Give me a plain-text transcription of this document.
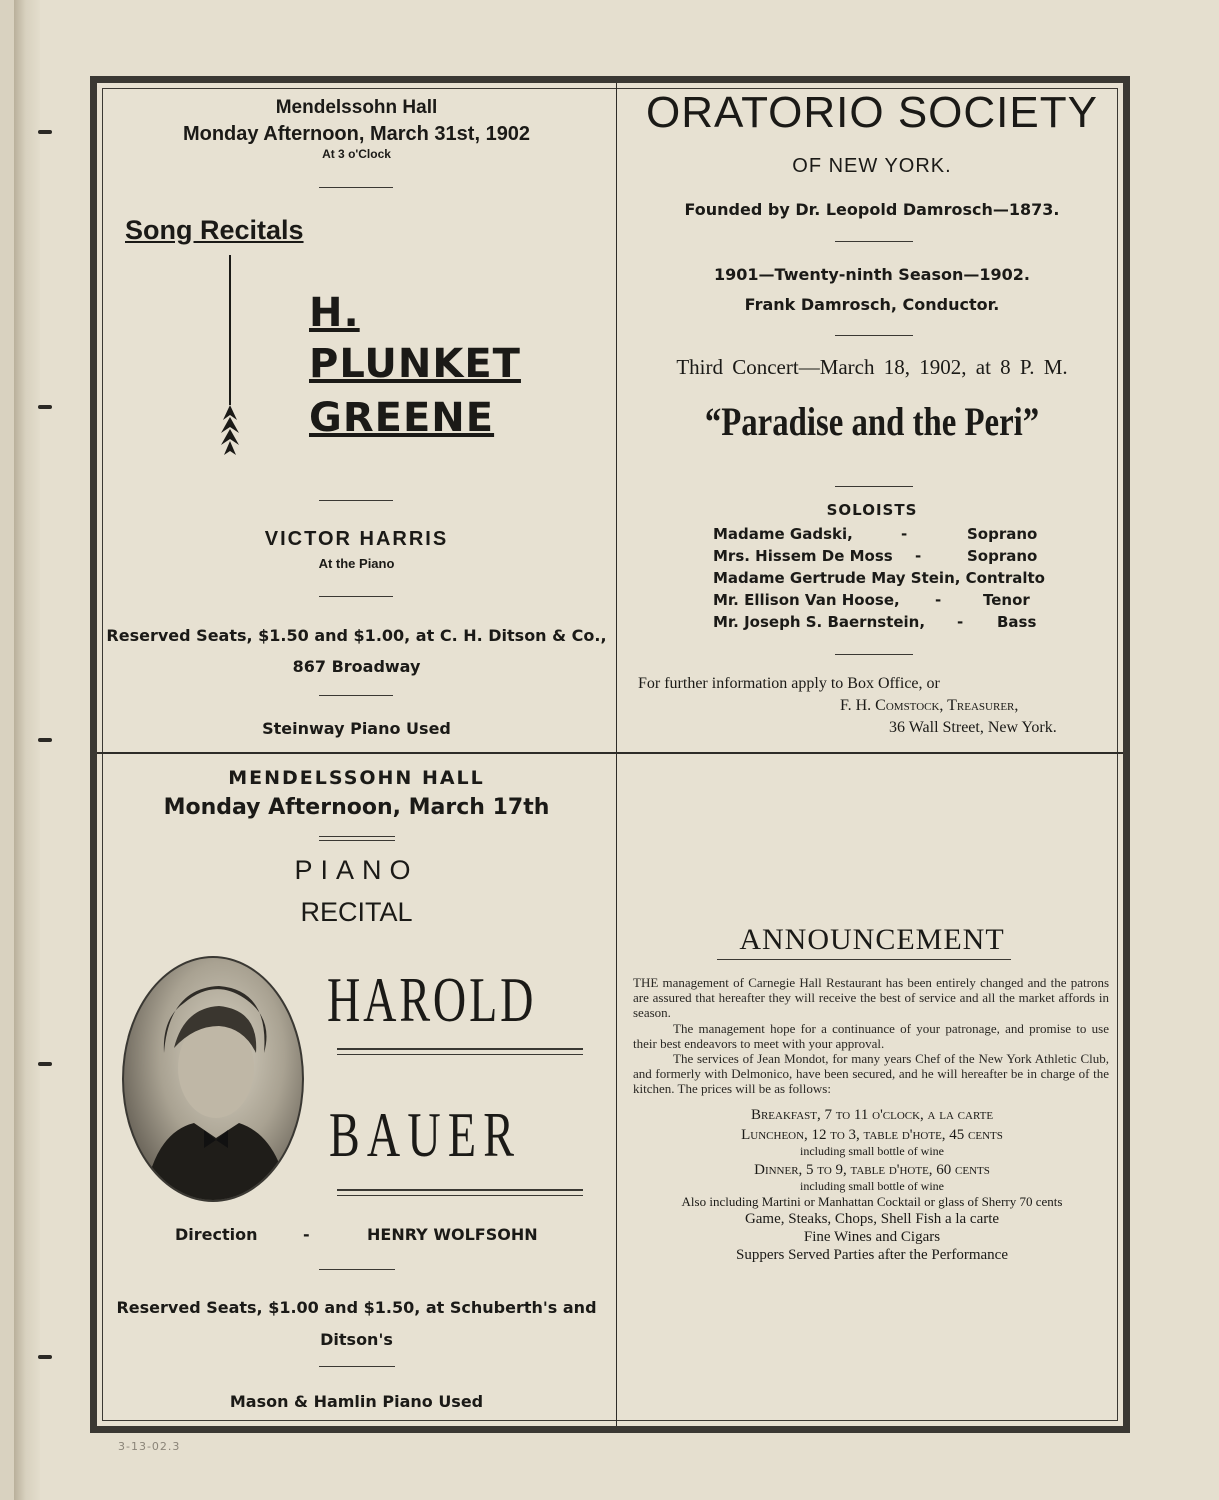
Mendelssohn Hall
Monday Afternoon, March 31st, 1902
At 3 o'Clock
Song Recitals
H.
PLUNKET
GREENE
VICTOR HARRIS
At the Piano
Reserved Seats, $1.50 and $1.00, at C. H. Ditson & Co.,
867 Broadway
Steinway Piano Used
ORATORIO SOCIETY
OF NEW YORK.
Founded by Dr. Leopold Damrosch—1873.
1901—Twenty-ninth Season—1902.
Frank Damrosch, Conductor.
Third Concert—March 18, 1902, at 8 P. M.
“Paradise and the Peri”
SOLOISTS
Madame Gadski,	-	Soprano
Mrs. Hissem De Moss -	Soprano
Madame Gertrude May Stein, Contralto
Mr. Ellison Van Hoose, -	Tenor
Mr. Joseph S. Baernstein, - Bass
For further information apply to Box Office, or
F. H. Comstock, Treasurer,
36 Wall Street, New York.
MENDELSSOHN HALL
Monday Afternoon, March 17th
PIANO
RECITAL
HAROLD
BAUER
Direction	-	HENRY WOLFSOHN
Reserved Seats, $1.00 and $1.50, at Schuberth's and
Ditson's
Mason & Hamlin Piano Used
ANNOUNCEMENT
THE management of Carnegie Hall Restaurant has been entirely changed and the patrons are assured that hereafter they will receive the best of service and all the market affords in season.
The management hope for a continuance of your patronage, and promise to use their best endeavors to meet with your approval.
The services of Jean Mondot, for many years Chef of the New York Athletic Club, and formerly with Delmonico, have been secured, and he will hereafter be in charge of the kitchen. The prices will be as follows:
Breakfast, 7 to 11 o'clock, a la carte
Luncheon, 12 to 3, table d'hote, 45 cents
including small bottle of wine
Dinner, 5 to 9, table d'hote, 60 cents
including small bottle of wine
Also including Martini or Manhattan Cocktail or glass of Sherry 70 cents
Game, Steaks, Chops, Shell Fish a la carte
Fine Wines and Cigars
Suppers Served Parties after the Performance
3-13-02.3
